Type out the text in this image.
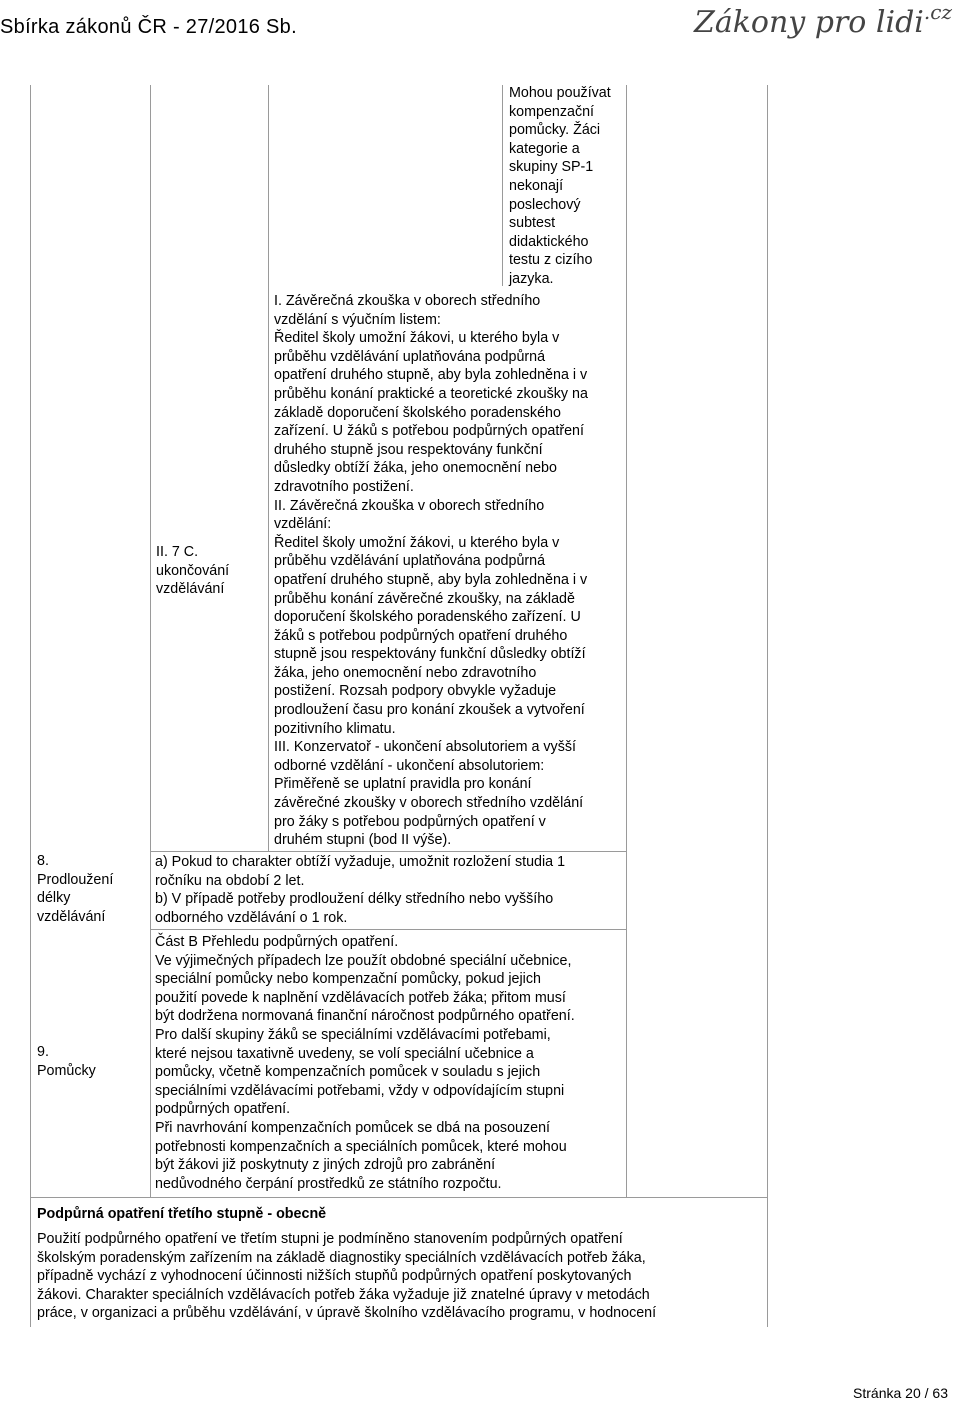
Sbírka zákonů ČR - 27/2016 Sb.	Zákony pro lidi$^{.cz}$
II. 7 C.
ukončování
vzdělávání

Mohou používat

kompenzační

pomůcky. Žáci

kategorie a

skupiny SP-1

nekonají

poslechový

subtest

didaktického

testu z cizího

jazyka.

I. Závěrečná zkouška v oborech středního

vzdělání s výučním listem:

Ředitel školy umožní žákovi, u kterého byla v

průběhu vzdělávání uplatňována podpůrná

opatření druhého stupně, aby byla zohledněna i v

průběhu konání praktické a teoretické zkoušky na

základě doporučení školského poradenského

zařízení. U žáků s potřebou podpůrných opatření

druhého stupně jsou respektovány funkční

důsledky obtíží žáka, jeho onemocnění nebo

zdravotního postižení.

II. Závěrečná zkouška v oborech středního

vzdělání:

Ředitel školy umožní žákovi, u kterého byla v

průběhu vzdělávání uplatňována podpůrná

opatření druhého stupně, aby byla zohledněna i v

průběhu konání závěrečné zkoušky, na základě

doporučení školského poradenského zařízení. U

žáků s potřebou podpůrných opatření druhého

stupně jsou respektovány funkční důsledky obtíží

žáka, jeho onemocnění nebo zdravotního

postižení. Rozsah podpory obvykle vyžaduje

prodloužení času pro konání zkoušek a vytvoření

pozitivního klimatu.

III. Konzervatoř - ukončení absolutoriem a vyšší

odborné vzdělání - ukončení absolutoriem:

Přiměřeně se uplatní pravidla pro konání

závěrečné zkoušky v oborech středního vzdělání

pro žáky s potřebou podpůrných opatření v

druhém stupni (bod II výše).

8.
Prodloužení
délky
vzdělávání

a) Pokud to charakter obtíží vyžaduje, umožnit rozložení studia 1

ročníku na období 2 let.

b) V případě potřeby prodloužení délky středního nebo vyššího

odborného vzdělávání o 1 rok.

9.
Pomůcky

Část B Přehledu podpůrných opatření.

Ve výjimečných případech lze použít obdobné speciální učebnice,

speciální pomůcky nebo kompenzační pomůcky, pokud jejich

použití povede k naplnění vzdělávacích potřeb žáka; přitom musí

být dodržena normovaná finanční náročnost podpůrného opatření.

Pro další skupiny žáků se speciálními vzdělávacími potřebami,

které nejsou taxativně uvedeny, se volí speciální učebnice a

pomůcky, včetně kompenzačních pomůcek v souladu s jejich

speciálními vzdělávacími potřebami, vždy v odpovídajícím stupni

podpůrných opatření.

Při navrhování kompenzačních pomůcek se dbá na posouzení

potřebnosti kompenzačních a speciálních pomůcek, které mohou

být žákovi již poskytnuty z jiných zdrojů pro zabránění

nedůvodného čerpání prostředků ze státního rozpočtu.

Podpůrná opatření třetího stupně - obecně

Použití podpůrného opatření ve třetím stupni je podmíněno stanovením podpůrných opatření

školským poradenským zařízením na základě diagnostiky speciálních vzdělávacích potřeb žáka,

případně vychází z vyhodnocení účinnosti nižších stupňů podpůrných opatření poskytovaných

žákovi. Charakter speciálních vzdělávacích potřeb žáka vyžaduje již znatelné úpravy v metodách

práce, v organizaci a průběhu vzdělávání, v úpravě školního vzdělávacího programu, v hodnocení

Stránka 20 / 63
